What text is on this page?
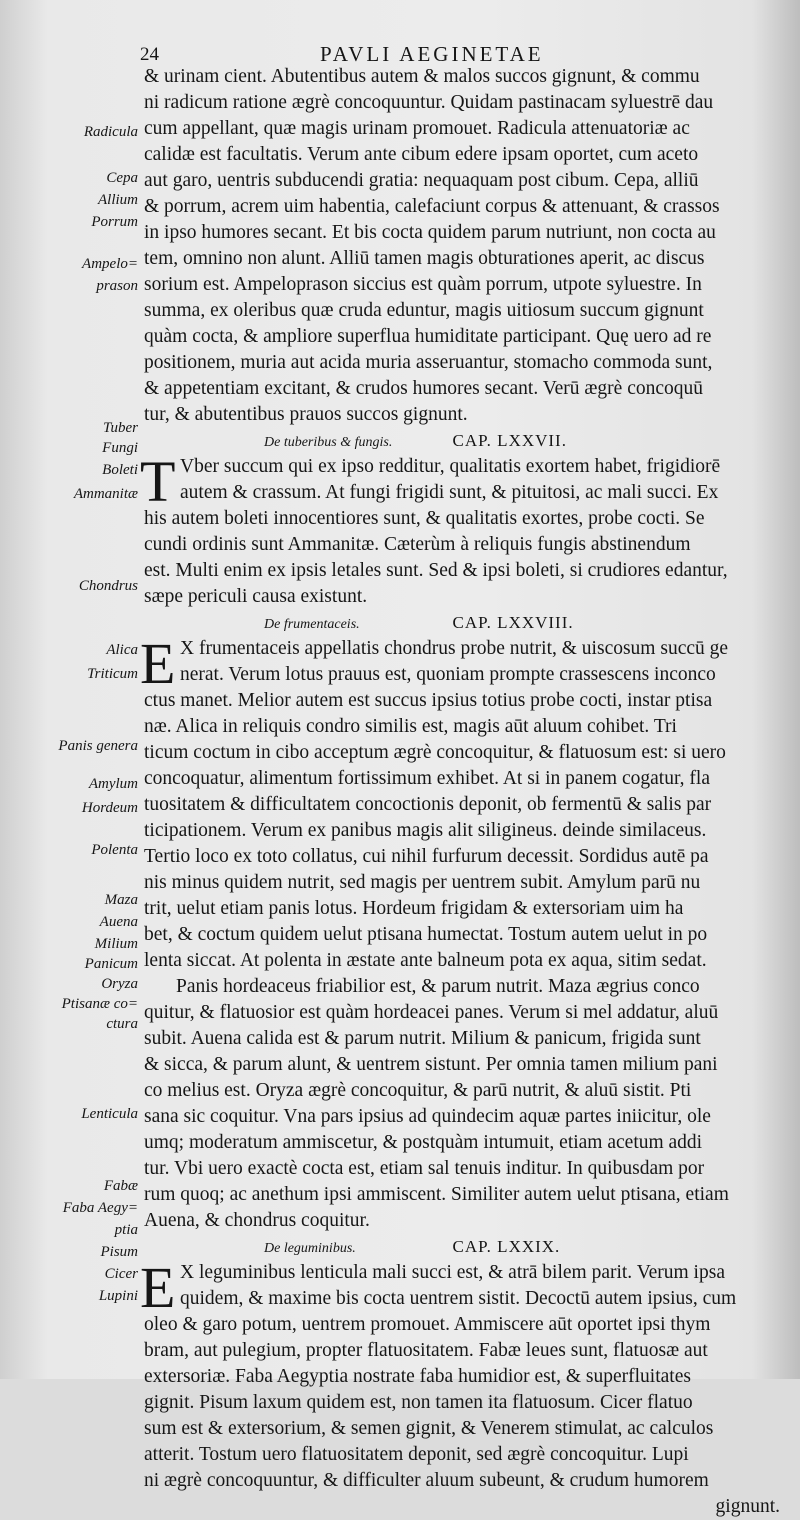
24	PAVLI AEGINETAE
Radicula
Cepa
Allium
Porrum
Ampelo=
prason
Tuber
Fungi
Boleti
Ammanitæ
Chondrus
Alica
Triticum
Panis genera
Amylum
Hordeum
Polenta
Maza
Auena
Milium
Panicum
Oryza
Ptisanæ co=
ctura
Lenticula
Fabæ
Faba Aegy=
ptia
Pisum
Cicer
Lupini
& urinam cient. Abutentibus autem & malos succos gignunt, & commu
ni radicum ratione ægrè concoquuntur. Quidam pastinacam syluestrē dau
cum appellant, quæ magis urinam promouet. Radicula attenuatoriæ ac
calidæ est facultatis. Verum ante cibum edere ipsam oportet, cum aceto
aut garo, uentris subducendi gratia: nequaquam post cibum. Cepa, alliū
& porrum, acrem uim habentia, calefaciunt corpus & attenuant, & crassos
in ipso humores secant. Et bis cocta quidem parum nutriunt, non cocta au
tem, omnino non alunt. Alliū tamen magis obturationes aperit, ac discus
sorium est. Ampeloprason siccius est quàm porrum, utpote syluestre. In
summa, ex oleribus quæ cruda eduntur, magis uitiosum succum gignunt
quàm cocta, & ampliore superflua humiditate participant. Quę uero ad re
positionem, muria aut acida muria asseruantur, stomacho commoda sunt,
& appetentiam excitant, & crudos humores secant. Verū ægrè concoquū
tur, & abutentibus prauos succos gignunt.
De tuberibus & fungis.	CAP. LXXVII.
T Vber succum qui ex ipso redditur, qualitatis exortem habet, frigidiorē
autem & crassum. At fungi frigidi sunt, & pituitosi, ac mali succi. Ex
his autem boleti innocentiores sunt, & qualitatis exortes, probe cocti. Se
cundi ordinis sunt Ammanitæ. Cæterùm à reliquis fungis abstinendum
est. Multi enim ex ipsis letales sunt. Sed & ipsi boleti, si crudiores edantur,
sæpe periculi causa existunt.
De frumentaceis.	CAP. LXXVIII.
E X frumentaceis appellatis chondrus probe nutrit, & uiscosum succū ge
nerat. Verum lotus prauus est, quoniam prompte crassescens inconco
ctus manet. Melior autem est succus ipsius totius probe cocti, instar ptisa
næ. Alica in reliquis condro similis est, magis aūt aluum cohibet. Tri
ticum coctum in cibo acceptum ægrè concoquitur, & flatuosum est: si uero
concoquatur, alimentum fortissimum exhibet. At si in panem cogatur, fla
tuositatem & difficultatem concoctionis deponit, ob fermentū & salis par
ticipationem. Verum ex panibus magis alit siligineus. deinde similaceus.
Tertio loco ex toto collatus, cui nihil furfurum decessit. Sordidus autē pa
nis minus quidem nutrit, sed magis per uentrem subit. Amylum parū nu
trit, uelut etiam panis lotus. Hordeum frigidam & extersoriam uim ha
bet, & coctum quidem uelut ptisana humectat. Tostum autem uelut in po
lenta siccat. At polenta in æstate ante balneum pota ex aqua, sitim sedat.
Panis hordeaceus friabilior est, & parum nutrit. Maza ægrius conco
quitur, & flatuosior est quàm hordeacei panes. Verum si mel addatur, aluū
subit. Auena calida est & parum nutrit. Milium & panicum, frigida sunt
& sicca, & parum alunt, & uentrem sistunt. Per omnia tamen milium pani
co melius est. Oryza ægrè concoquitur, & parū nutrit, & aluū sistit. Pti
sana sic coquitur. Vna pars ipsius ad quindecim aquæ partes iniicitur, ole
umq; moderatum ammiscetur, & postquàm intumuit, etiam acetum addi
tur. Vbi uero exactè cocta est, etiam sal tenuis inditur. In quibusdam por
rum quoq; ac anethum ipsi ammiscent. Similiter autem uelut ptisana, etiam
Auena, & chondrus coquitur.
De leguminibus.	CAP. LXXIX.
E X leguminibus lenticula mali succi est, & atrā bilem parit. Verum ipsa
quidem, & maxime bis cocta uentrem sistit. Decoctū autem ipsius, cum
oleo & garo potum, uentrem promouet. Ammiscere aūt oportet ipsi thym
bram, aut pulegium, propter flatuositatem. Fabæ leues sunt, flatuosæ aut
extersoriæ. Faba Aegyptia nostrate faba humidior est, & superfluitates
gignit. Pisum laxum quidem est, non tamen ita flatuosum. Cicer flatuo
sum est & extersorium, & semen gignit, & Venerem stimulat, ac calculos
atterit. Tostum uero flatuositatem deponit, sed ægrè concoquitur. Lupi
ni ægrè concoquuntur, & difficulter aluum subeunt, & crudum humorem
gignunt.
